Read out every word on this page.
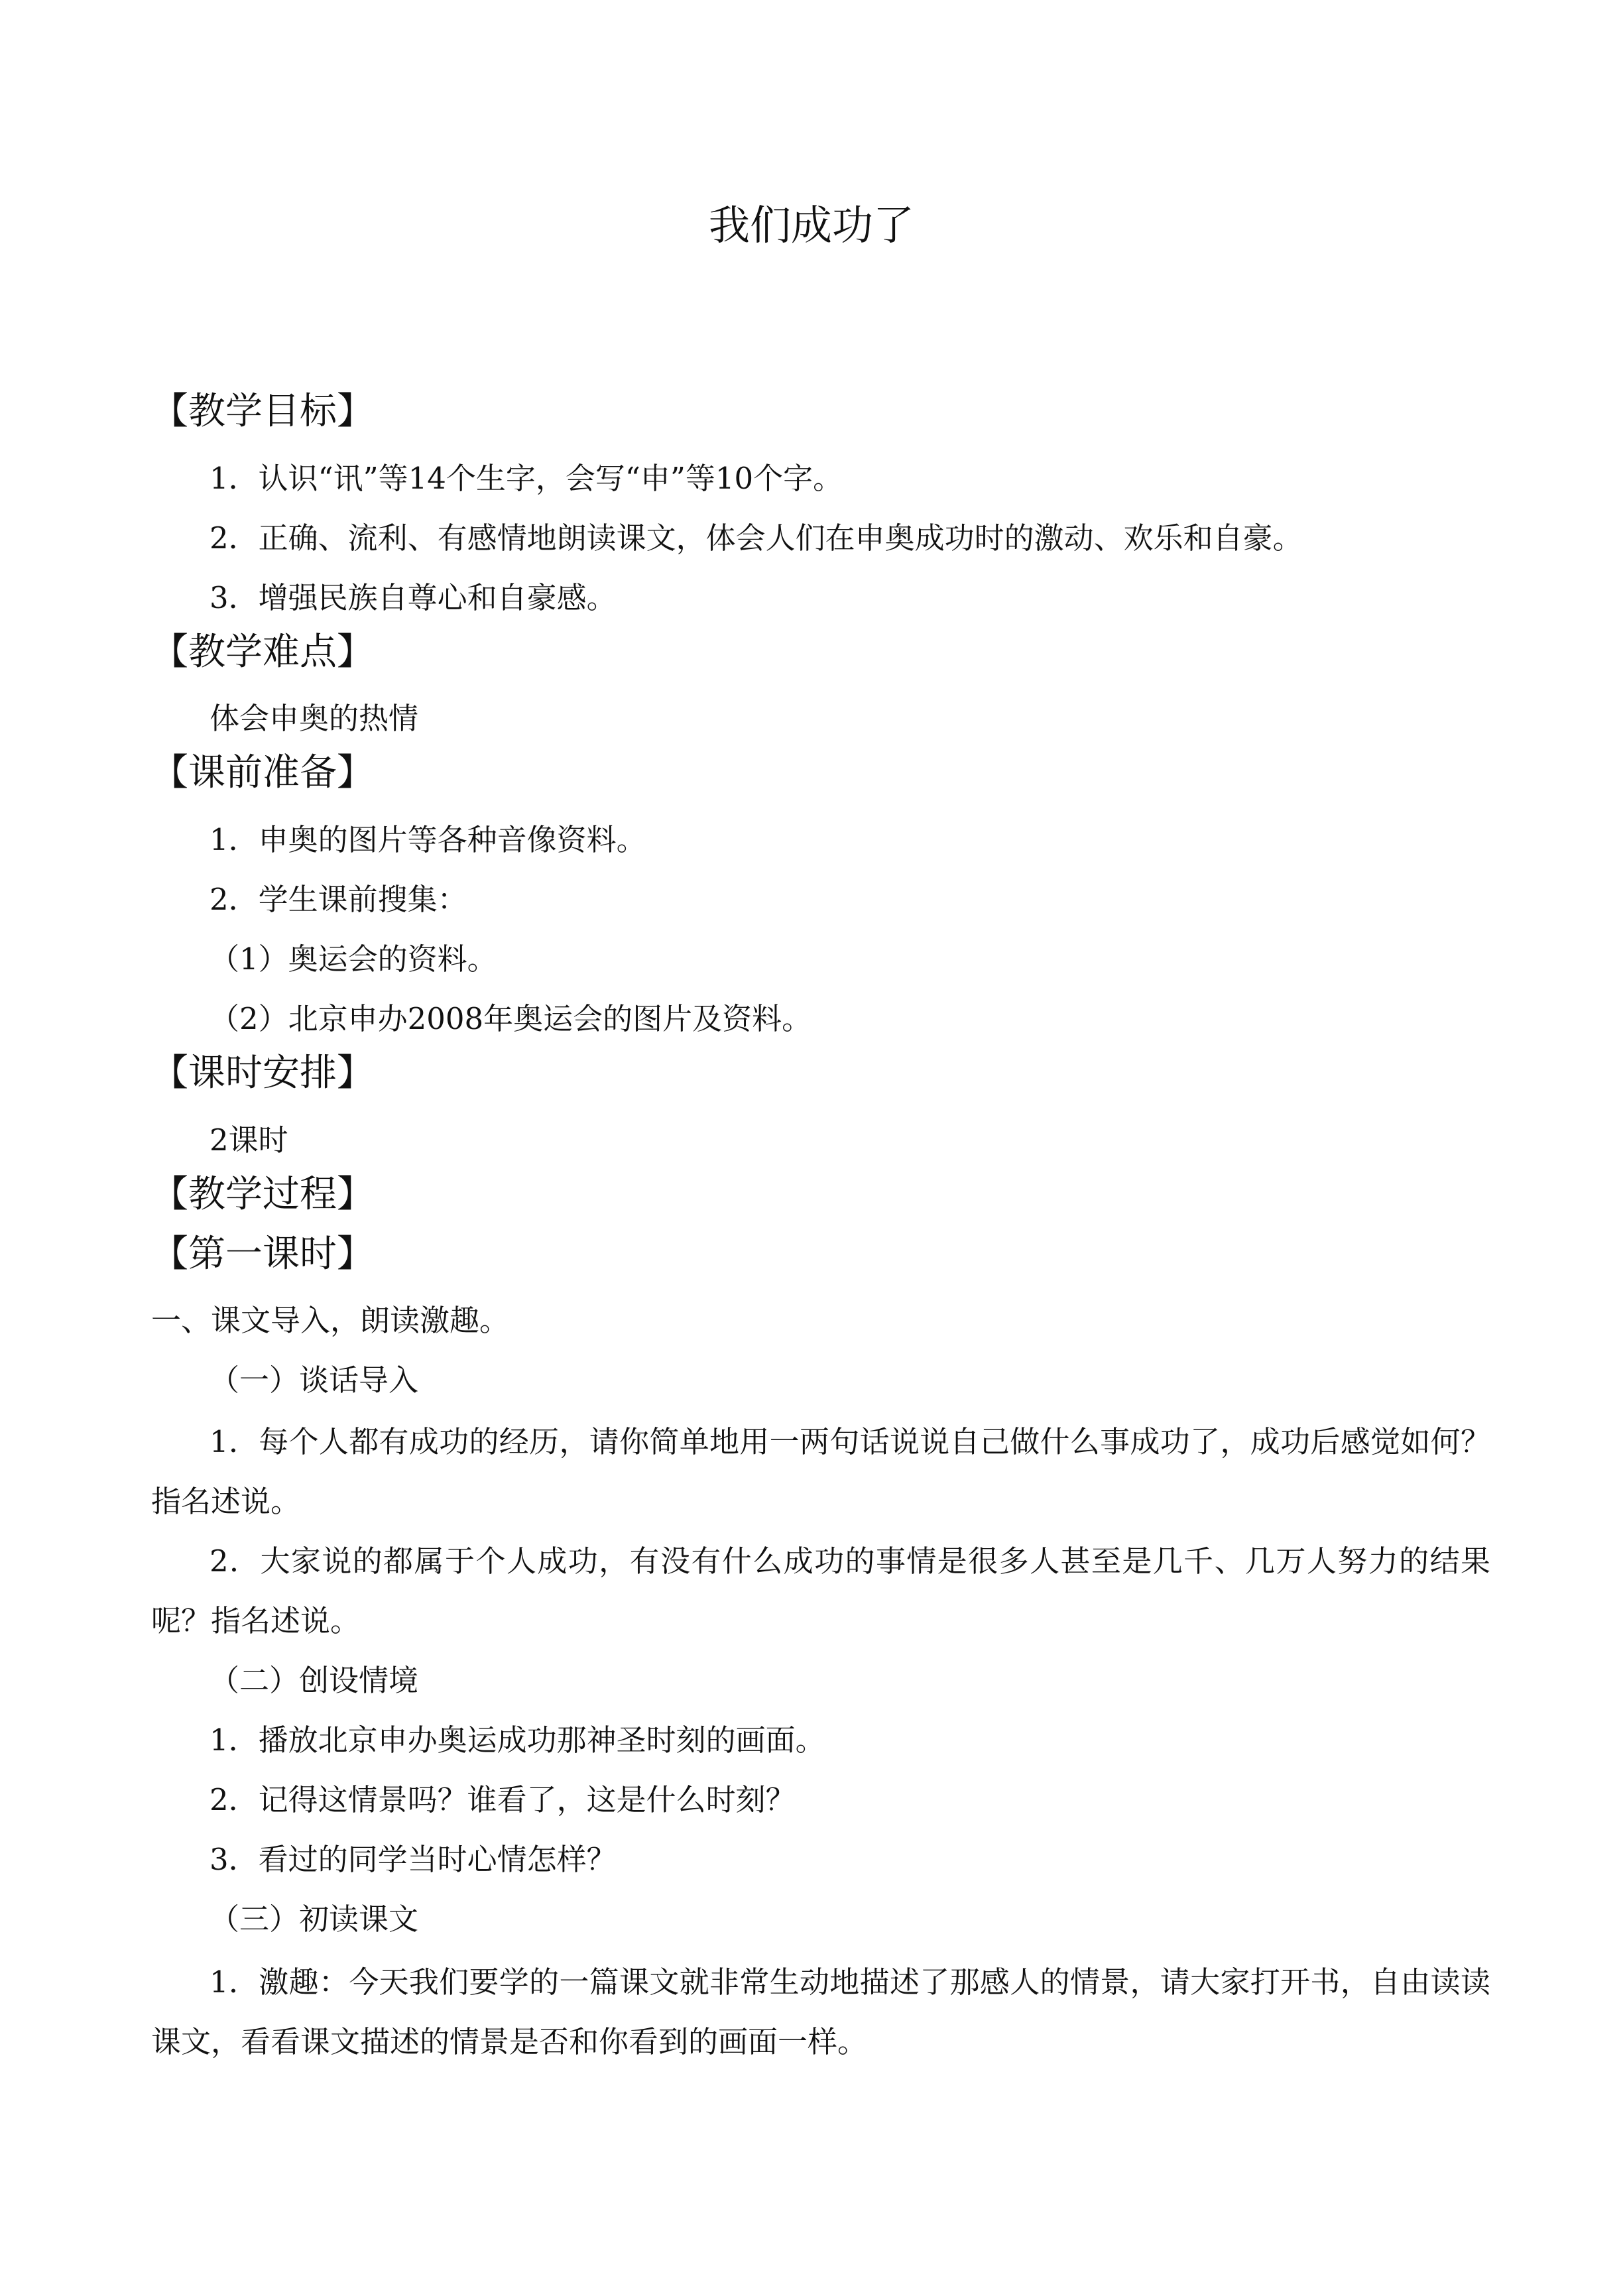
我们成功了
【教学目标】
1．认识“讯”等14个生字，会写“申”等10个字。
2．正确、流利、有感情地朗读课文，体会人们在申奥成功时的激动、欢乐和自豪。
3．增强民族自尊心和自豪感。
【教学难点】
体会申奥的热情
【课前准备】
1．申奥的图片等各种音像资料。
2．学生课前搜集：
（1）奥运会的资料。
（2）北京申办2008年奥运会的图片及资料。
【课时安排】
2课时
【教学过程】
【第一课时】
一、课文导入，朗读激趣。
（一）谈话导入
1．每个人都有成功的经历，请你简单地用一两句话说说自己做什么事成功了，成功后感觉如何？指名述说。
2．大家说的都属于个人成功，有没有什么成功的事情是很多人甚至是几千、几万人努力的结果呢？指名述说。
（二）创设情境
1．播放北京申办奥运成功那神圣时刻的画面。
2．记得这情景吗？谁看了，这是什么时刻？
3．看过的同学当时心情怎样？
（三）初读课文
1．激趣：今天我们要学的一篇课文就非常生动地描述了那感人的情景，请大家打开书，自由读读课文，看看课文描述的情景是否和你看到的画面一样。
